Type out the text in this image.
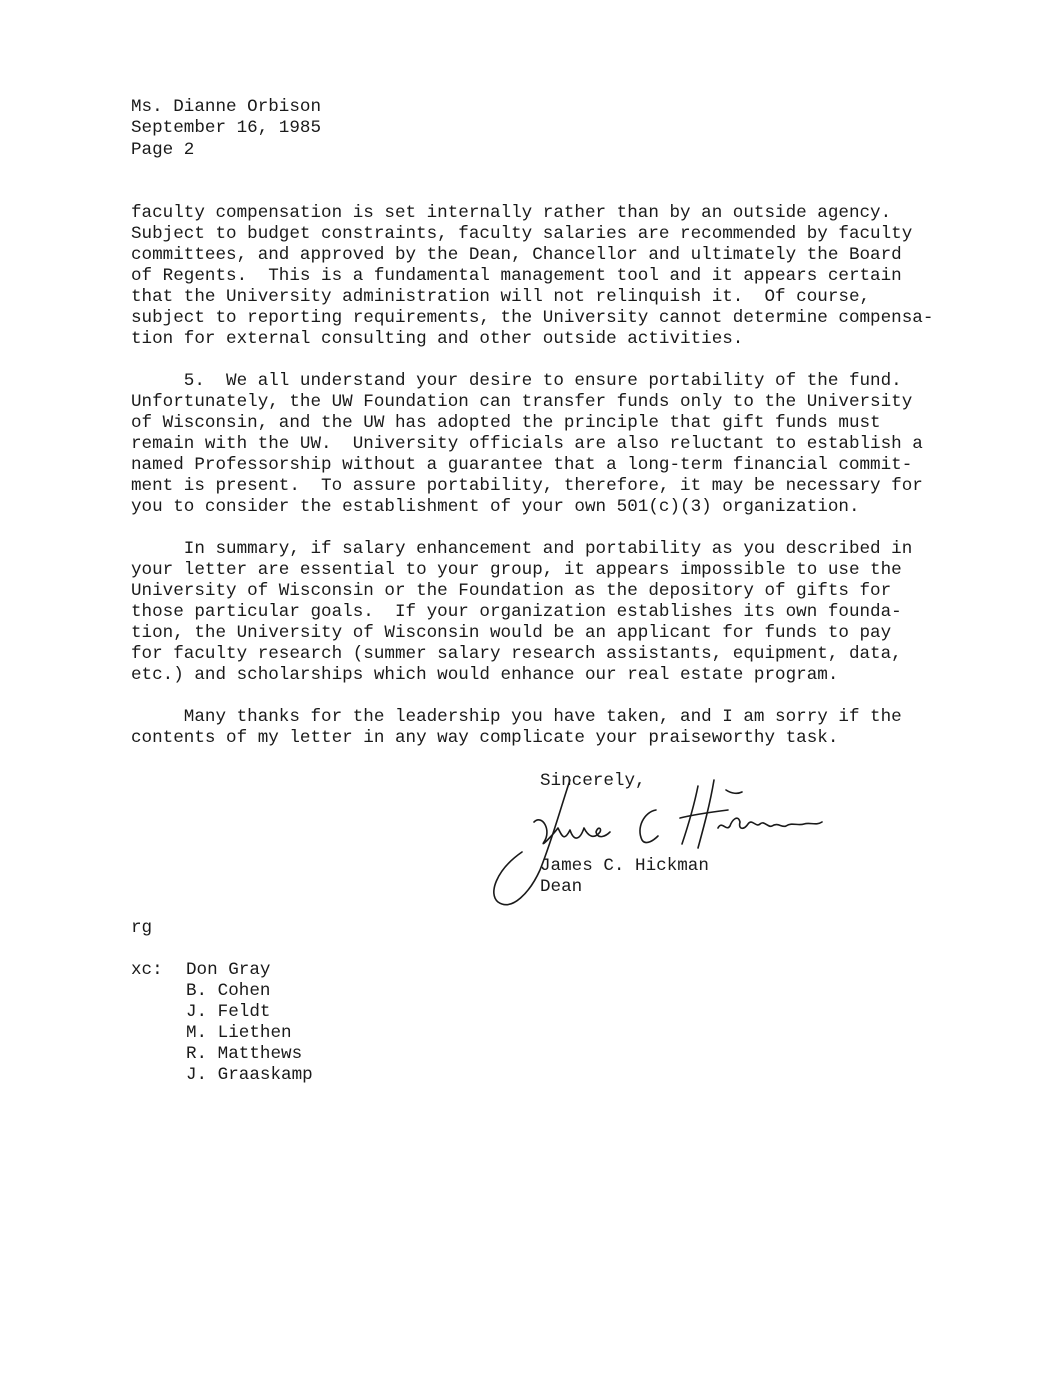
Ms. Dianne Orbison
September 16, 1985
Page 2
faculty compensation is set internally rather than by an outside agency.
Subject to budget constraints, faculty salaries are recommended by faculty
committees, and approved by the Dean, Chancellor and ultimately the Board
of Regents.  This is a fundamental management tool and it appears certain
that the University administration will not relinquish it.  Of course,
subject to reporting requirements, the University cannot determine compensa-
tion for external consulting and other outside activities.
5.  We all understand your desire to ensure portability of the fund.
Unfortunately, the UW Foundation can transfer funds only to the University
of Wisconsin, and the UW has adopted the principle that gift funds must
remain with the UW.  University officials are also reluctant to establish a
named Professorship without a guarantee that a long-term financial commit-
ment is present.  To assure portability, therefore, it may be necessary for
you to consider the establishment of your own 501(c)(3) organization.
In summary, if salary enhancement and portability as you described in
your letter are essential to your group, it appears impossible to use the
University of Wisconsin or the Foundation as the depository of gifts for
those particular goals.  If your organization establishes its own founda-
tion, the University of Wisconsin would be an applicant for funds to pay
for faculty research (summer salary research assistants, equipment, data,
etc.) and scholarships which would enhance our real estate program.
Many thanks for the leadership you have taken, and I am sorry if the
contents of my letter in any way complicate your praiseworthy task.
Sincerely,
James C. Hickman
Dean
rg
xc: Don Gray
B. Cohen
J. Feldt
M. Liethen
R. Matthews
J. Graaskamp
